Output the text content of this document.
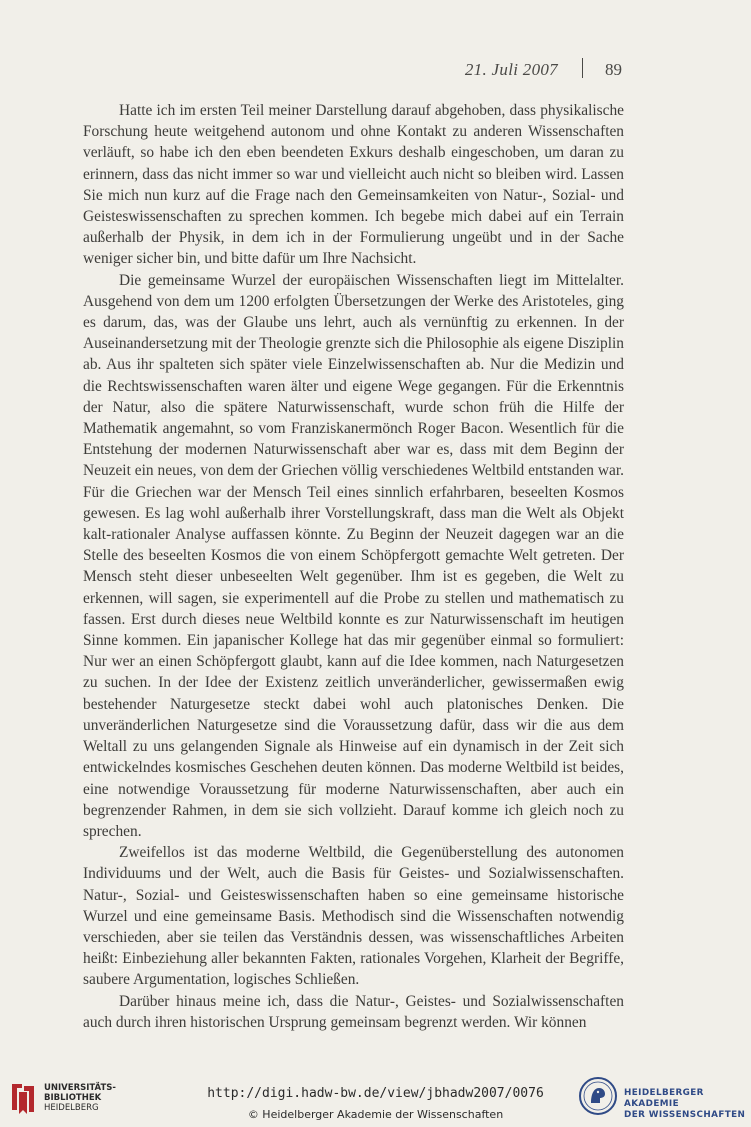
21. Juli 2007	89

Hatte ich im ersten Teil meiner Darstellung darauf abgehoben, dass physikalische Forschung heute weitgehend autonom und ohne Kontakt zu anderen Wissenschaften verläuft, so habe ich den eben beendeten Exkurs deshalb eingeschoben, um daran zu erinnern, dass das nicht immer so war und vielleicht auch nicht so bleiben wird. Lassen Sie mich nun kurz auf die Frage nach den Gemeinsamkeiten von Natur-, Sozial- und Geisteswissenschaften zu sprechen kommen. Ich begebe mich dabei auf ein Terrain außerhalb der Physik, in dem ich in der Formulierung ungeübt und in der Sache weniger sicher bin, und bitte dafür um Ihre Nachsicht.

Die gemeinsame Wurzel der europäischen Wissenschaften liegt im Mittelalter. Ausgehend von dem um 1200 erfolgten Übersetzungen der Werke des Aristoteles, ging es darum, das, was der Glaube uns lehrt, auch als vernünftig zu erkennen. In der Auseinandersetzung mit der Theologie grenzte sich die Philosophie als eigene Disziplin ab. Aus ihr spalteten sich später viele Einzelwissenschaften ab. Nur die Medizin und die Rechtswissenschaften waren älter und eigene Wege gegangen. Für die Erkenntnis der Natur, also die spätere Naturwissenschaft, wurde schon früh die Hilfe der Mathematik angemahnt, so vom Franziskanermönch Roger Bacon. Wesentlich für die Entstehung der modernen Naturwissenschaft aber war es, dass mit dem Beginn der Neuzeit ein neues, von dem der Griechen völlig verschiedenes Weltbild entstanden war. Für die Griechen war der Mensch Teil eines sinnlich erfahrbaren, beseelten Kosmos gewesen. Es lag wohl außerhalb ihrer Vorstellungskraft, dass man die Welt als Objekt kalt-rationaler Analyse auffassen könnte. Zu Beginn der Neuzeit dagegen war an die Stelle des beseelten Kosmos die von einem Schöpfergott gemachte Welt getreten. Der Mensch steht dieser unbeseelten Welt gegenüber. Ihm ist es gegeben, die Welt zu erkennen, will sagen, sie experimentell auf die Probe zu stellen und mathematisch zu fassen. Erst durch dieses neue Weltbild konnte es zur Naturwissenschaft im heutigen Sinne kommen. Ein japanischer Kollege hat das mir gegenüber einmal so formuliert: Nur wer an einen Schöpfergott glaubt, kann auf die Idee kommen, nach Naturgesetzen zu suchen. In der Idee der Existenz zeitlich unveränderlicher, gewissermaßen ewig bestehender Naturgesetze steckt dabei wohl auch platonisches Denken. Die unveränderlichen Naturgesetze sind die Voraussetzung dafür, dass wir die aus dem Weltall zu uns gelangenden Signale als Hinweise auf ein dynamisch in der Zeit sich entwickelndes kosmisches Geschehen deuten können. Das moderne Weltbild ist beides, eine notwendige Voraussetzung für moderne Naturwissenschaften, aber auch ein begrenzender Rahmen, in dem sie sich vollzieht. Darauf komme ich gleich noch zu sprechen.

Zweifellos ist das moderne Weltbild, die Gegenüberstellung des autonomen Individuums und der Welt, auch die Basis für Geistes- und Sozialwissenschaften. Natur-, Sozial- und Geisteswissenschaften haben so eine gemeinsame historische Wurzel und eine gemeinsame Basis. Methodisch sind die Wissenschaften notwendig verschieden, aber sie teilen das Verständnis dessen, was wissenschaftliches Arbeiten heißt: Einbeziehung aller bekannten Fakten, rationales Vorgehen, Klarheit der Begriffe, saubere Argumentation, logisches Schließen.

Darüber hinaus meine ich, dass die Natur-, Geistes- und Sozialwissenschaften auch durch ihren historischen Ursprung gemeinsam begrenzt werden. Wir können

UNIVERSITÄTS-
BIBLIOTHEK
HEIDELBERG
http://digi.hadw-bw.de/view/jbhadw2007/0076
© Heidelberger Akademie der Wissenschaften
HEIDELBERGER AKADEMIE
DER WISSENSCHAFTEN
